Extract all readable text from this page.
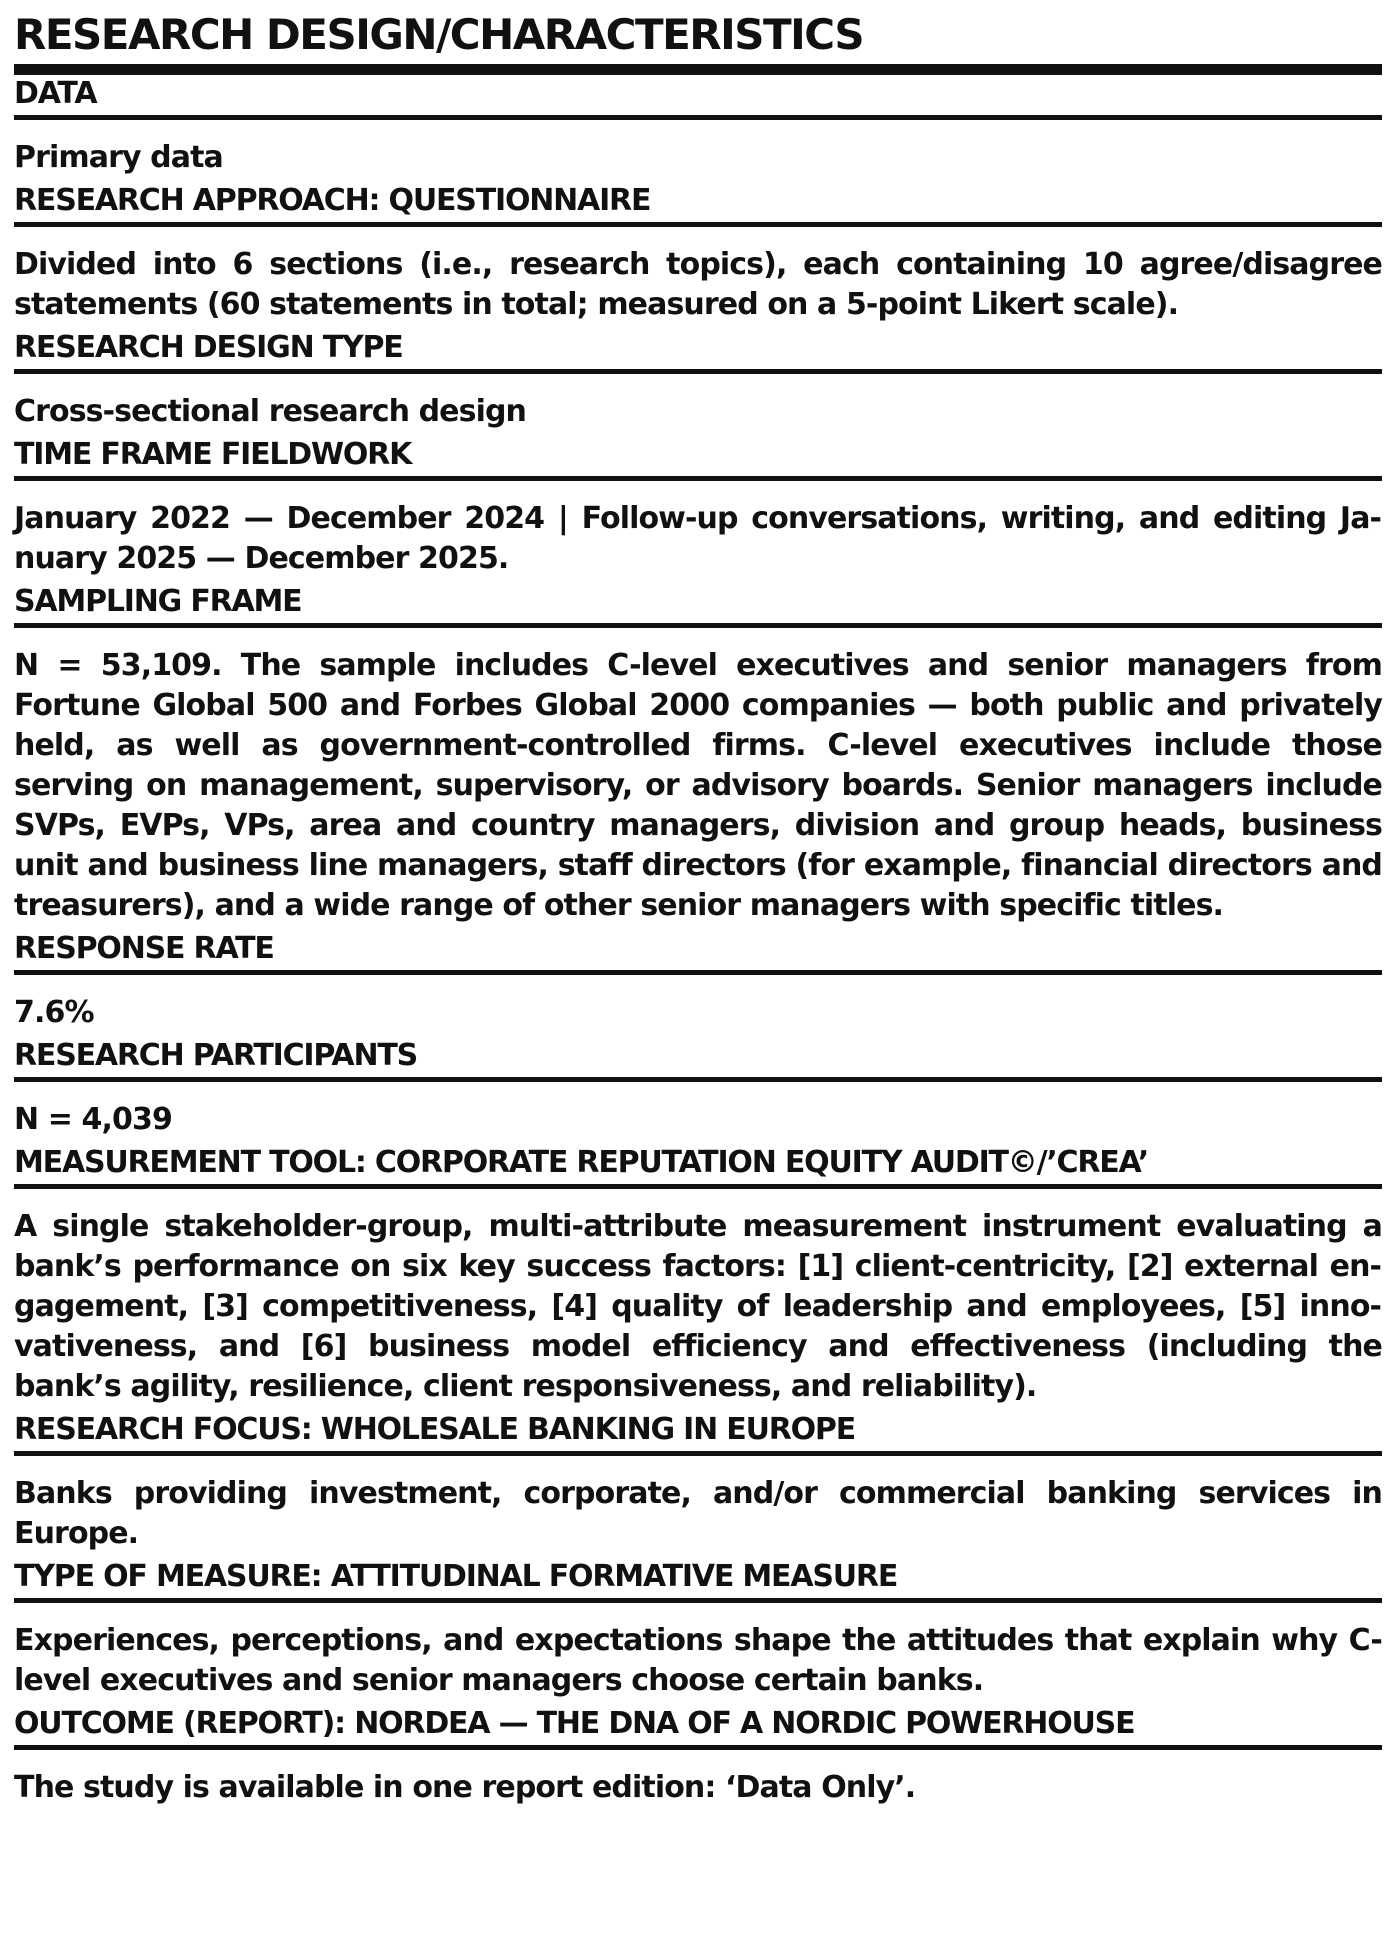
RESEARCH DESIGN/CHARACTERISTICS
DATA
Primary data
RESEARCH APPROACH: QUESTIONNAIRE
Divided into 6 sections (i.e., research topics), each containing 10 agree/disagree statements (60 statements in total; measured on a 5-point Likert scale).
RESEARCH DESIGN TYPE
Cross-sectional research design
TIME FRAME FIELDWORK
January 2022 — December 2024 | Follow-up conversations, writing, and editing January 2025 — December 2025.
SAMPLING FRAME
N = 53,109. The sample includes C-level executives and senior managers from Fortune Global 500 and Forbes Global 2000 companies — both public and privately held, as well as government-controlled firms. C-level executives include those serving on management, supervisory, or advisory boards. Senior managers include SVPs, EVPs, VPs, area and country managers, division and group heads, business unit and business line managers, staff directors (for example, financial directors and treasurers), and a wide range of other senior managers with specific titles.
RESPONSE RATE
7.6%
RESEARCH PARTICIPANTS
N = 4,039
MEASUREMENT TOOL: CORPORATE REPUTATION EQUITY AUDIT©/’CREA’
A single stakeholder-group, multi-attribute measurement instrument evaluating a bank’s performance on six key success factors: [1] client-centricity, [2] external engagement, [3] competitiveness, [4] quality of leadership and employees, [5] innovativeness, and [6] business model efficiency and effectiveness (including the bank’s agility, resilience, client responsiveness, and reliability).
RESEARCH FOCUS: WHOLESALE BANKING IN EUROPE
Banks providing investment, corporate, and/or commercial banking services in Europe.
TYPE OF MEASURE: ATTITUDINAL FORMATIVE MEASURE
Experiences, perceptions, and expectations shape the attitudes that explain why C-level executives and senior managers choose certain banks.
OUTCOME (REPORT): NORDEA — THE DNA OF A NORDIC POWERHOUSE
The study is available in one report edition: ‘Data Only’.
